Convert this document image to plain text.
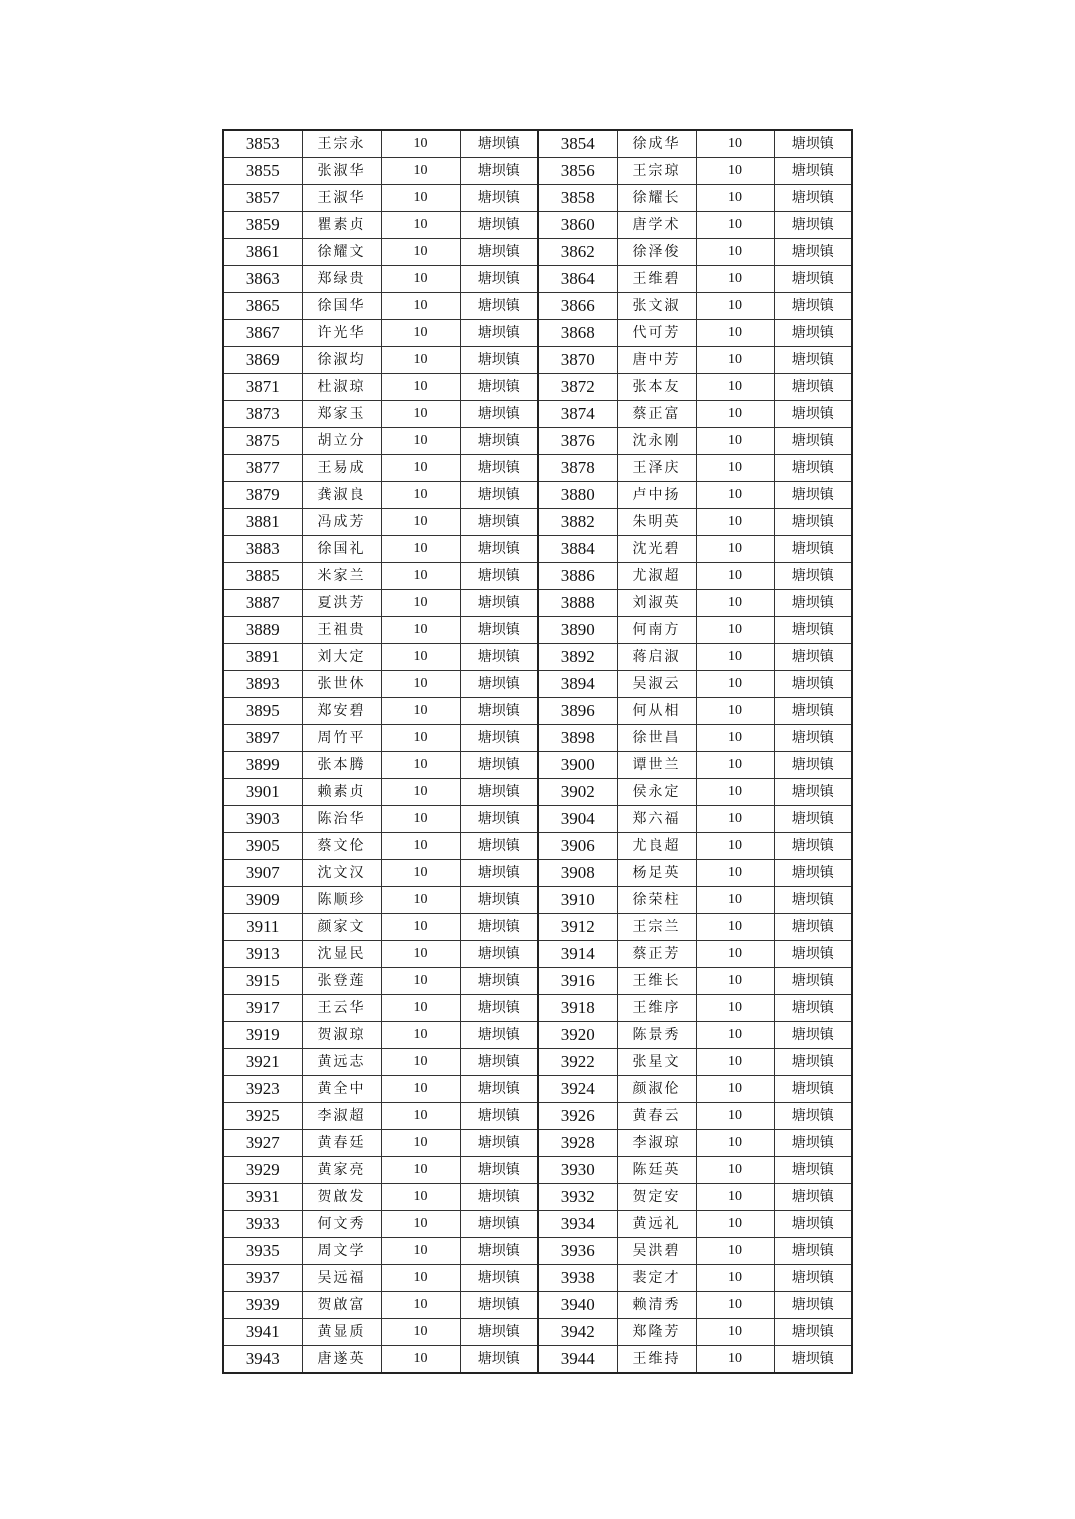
3853	王宗永	10	塘坝镇	3854	徐成华	10	塘坝镇
3855	张淑华	10	塘坝镇	3856	王宗琼	10	塘坝镇
3857	王淑华	10	塘坝镇	3858	徐耀长	10	塘坝镇
3859	瞿素贞	10	塘坝镇	3860	唐学术	10	塘坝镇
3861	徐耀文	10	塘坝镇	3862	徐泽俊	10	塘坝镇
3863	郑绿贵	10	塘坝镇	3864	王维碧	10	塘坝镇
3865	徐国华	10	塘坝镇	3866	张文淑	10	塘坝镇
3867	许光华	10	塘坝镇	3868	代可芳	10	塘坝镇
3869	徐淑均	10	塘坝镇	3870	唐中芳	10	塘坝镇
3871	杜淑琼	10	塘坝镇	3872	张本友	10	塘坝镇
3873	郑家玉	10	塘坝镇	3874	蔡正富	10	塘坝镇
3875	胡立分	10	塘坝镇	3876	沈永刚	10	塘坝镇
3877	王易成	10	塘坝镇	3878	王泽庆	10	塘坝镇
3879	龚淑良	10	塘坝镇	3880	卢中扬	10	塘坝镇
3881	冯成芳	10	塘坝镇	3882	朱明英	10	塘坝镇
3883	徐国礼	10	塘坝镇	3884	沈光碧	10	塘坝镇
3885	米家兰	10	塘坝镇	3886	尤淑超	10	塘坝镇
3887	夏洪芳	10	塘坝镇	3888	刘淑英	10	塘坝镇
3889	王祖贵	10	塘坝镇	3890	何南方	10	塘坝镇
3891	刘大定	10	塘坝镇	3892	蒋启淑	10	塘坝镇
3893	张世休	10	塘坝镇	3894	吴淑云	10	塘坝镇
3895	郑安碧	10	塘坝镇	3896	何从相	10	塘坝镇
3897	周竹平	10	塘坝镇	3898	徐世昌	10	塘坝镇
3899	张本腾	10	塘坝镇	3900	谭世兰	10	塘坝镇
3901	赖素贞	10	塘坝镇	3902	侯永定	10	塘坝镇
3903	陈治华	10	塘坝镇	3904	郑六福	10	塘坝镇
3905	蔡文伦	10	塘坝镇	3906	尤良超	10	塘坝镇
3907	沈文汉	10	塘坝镇	3908	杨足英	10	塘坝镇
3909	陈顺珍	10	塘坝镇	3910	徐荣柱	10	塘坝镇
3911	颜家文	10	塘坝镇	3912	王宗兰	10	塘坝镇
3913	沈显民	10	塘坝镇	3914	蔡正芳	10	塘坝镇
3915	张登莲	10	塘坝镇	3916	王维长	10	塘坝镇
3917	王云华	10	塘坝镇	3918	王维序	10	塘坝镇
3919	贺淑琼	10	塘坝镇	3920	陈景秀	10	塘坝镇
3921	黄远志	10	塘坝镇	3922	张星文	10	塘坝镇
3923	黄全中	10	塘坝镇	3924	颜淑伦	10	塘坝镇
3925	李淑超	10	塘坝镇	3926	黄春云	10	塘坝镇
3927	黄春廷	10	塘坝镇	3928	李淑琼	10	塘坝镇
3929	黄家亮	10	塘坝镇	3930	陈廷英	10	塘坝镇
3931	贺啟发	10	塘坝镇	3932	贺定安	10	塘坝镇
3933	何文秀	10	塘坝镇	3934	黄远礼	10	塘坝镇
3935	周文学	10	塘坝镇	3936	吴洪碧	10	塘坝镇
3937	吴远福	10	塘坝镇	3938	裴定才	10	塘坝镇
3939	贺啟富	10	塘坝镇	3940	赖清秀	10	塘坝镇
3941	黄显质	10	塘坝镇	3942	郑隆芳	10	塘坝镇
3943	唐遂英	10	塘坝镇	3944	王维持	10	塘坝镇
